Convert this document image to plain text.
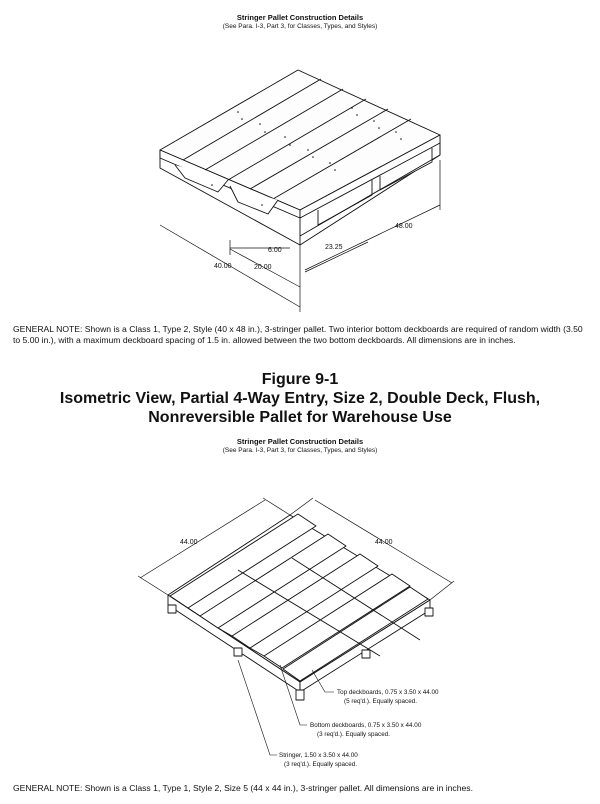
Stringer Pallet Construction Details
(See Para. I-3, Part 3, for Classes, Types, and Styles)
6.00	23.25
48.00
40.00	20.00
GENERAL NOTE: Shown is a Class 1, Type 2, Style (40 x 48 in.), 3-stringer pallet. Two interior bottom deckboards are required of random width (3.50 to 5.00 in.), with a maximum deckboard spacing of 1.5 in. allowed between the two bottom deckboards. All dimensions are in inches.
Figure 9-1
Isometric View, Partial 4-Way Entry, Size 2, Double Deck, Flush,
Nonreversible Pallet for Warehouse Use
Stringer Pallet Construction Details
(See Para. I-3, Part 3, for Classes, Types, and Styles)
44.00	44.00
Top deckboards, 0.75 x 3.50 x 44.00
(5 req'd.). Equally spaced.
Bottom deckboards, 0.75 x 3.50 x 44.00
(3 req'd.). Equally spaced.
Stringer, 1.50 x 3.50 x 44.00
(3 req'd.). Equally spaced.
GENERAL NOTE: Shown is a Class 1, Type 1, Style 2, Size 5 (44 x 44 in.), 3-stringer pallet. All dimensions are in inches.
